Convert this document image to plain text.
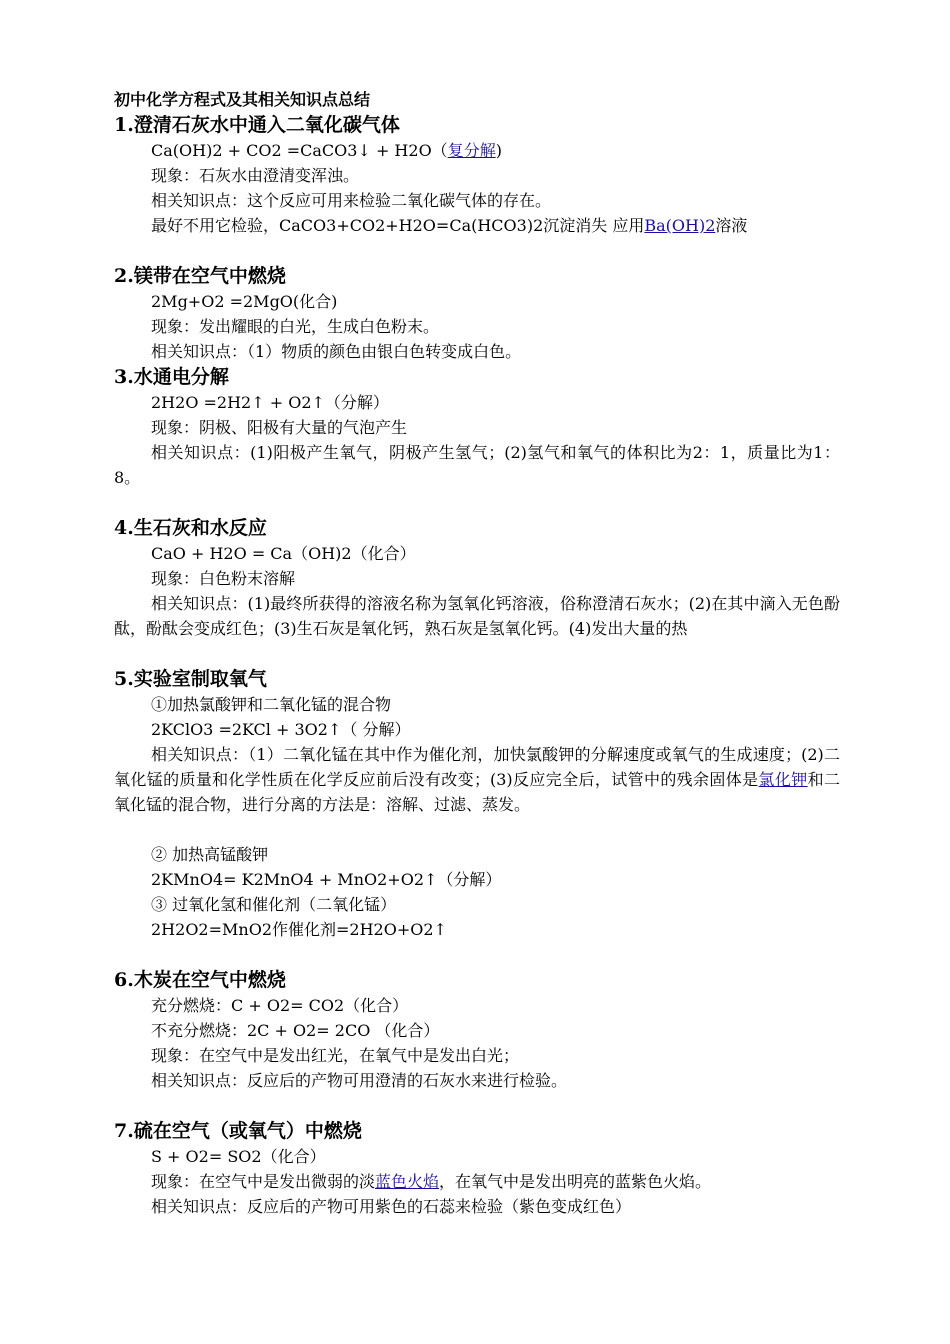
初中化学方程式及其相关知识点总结
1.澄清石灰水中通入二氧化碳气体
Ca(OH)2 + CO2 =CaCO3↓ + H2O（复分解)
现象：石灰水由澄清变浑浊。
相关知识点：这个反应可用来检验二氧化碳气体的存在。
最好不用它检验，CaCO3+CO2+H2O=Ca(HCO3)2沉淀消失 应用Ba(OH)2溶液
2.镁带在空气中燃烧
2Mg+O2 =2MgO(化合)
现象：发出耀眼的白光，生成白色粉末。
相关知识点：（1）物质的颜色由银白色转变成白色。
3.水通电分解
2H2O =2H2↑ + O2↑（分解）
现象：阴极、阳极有大量的气泡产生
相关知识点：(1)阳极产生氧气，阴极产生氢气；(2)氢气和氧气的体积比为2：1，质量比为1：8。
4.生石灰和水反应
CaO + H2O = Ca（OH)2（化合）
现象：白色粉末溶解
相关知识点：(1)最终所获得的溶液名称为氢氧化钙溶液，俗称澄清石灰水；(2)在其中滴入无色酚酞，酚酞会变成红色；(3)生石灰是氧化钙，熟石灰是氢氧化钙。(4)发出大量的热
5.实验室制取氧气
①加热氯酸钾和二氧化锰的混合物
2KClO3 =2KCl + 3O2↑（ 分解）
相关知识点：（1）二氧化锰在其中作为催化剂，加快氯酸钾的分解速度或氧气的生成速度；(2)二氧化锰的质量和化学性质在化学反应前后没有改变；(3)反应完全后，试管中的残余固体是氯化钾和二氧化锰的混合物，进行分离的方法是：溶解、过滤、蒸发。
② 加热高锰酸钾
2KMnO4= K2MnO4 + MnO2+O2↑（分解）
③ 过氧化氢和催化剂（二氧化锰）
2H2O2=MnO2作催化剂=2H2O+O2↑
6.木炭在空气中燃烧
充分燃烧：C + O2= CO2（化合）
不充分燃烧：2C + O2= 2CO （化合）
现象：在空气中是发出红光，在氧气中是发出白光；
相关知识点：反应后的产物可用澄清的石灰水来进行检验。
7.硫在空气（或氧气）中燃烧
S + O2= SO2（化合）
现象：在空气中是发出微弱的淡蓝色火焰，在氧气中是发出明亮的蓝紫色火焰。
相关知识点：反应后的产物可用紫色的石蕊来检验（紫色变成红色）
